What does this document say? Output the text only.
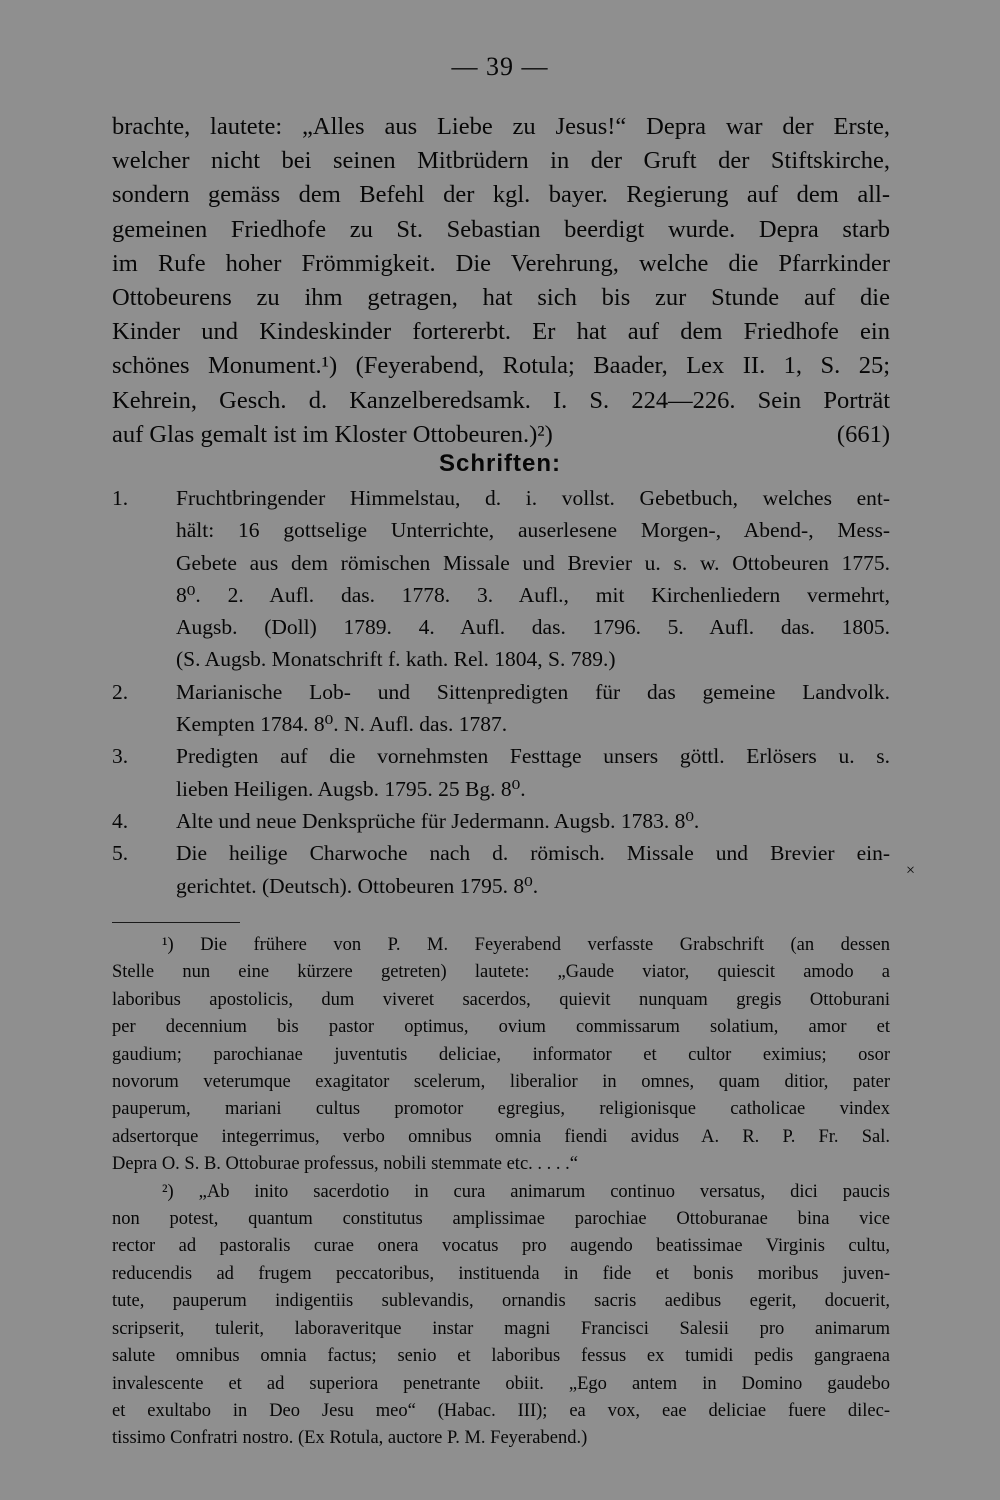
— 39 —
brachte, lautete: „Alles aus Liebe zu Jesus!“ Depra war der Erste,
welcher nicht bei seinen Mitbrüdern in der Gruft der Stiftskirche,
sondern gemäss dem Befehl der kgl. bayer. Regierung auf dem all-
gemeinen Friedhofe zu St. Sebastian beerdigt wurde. Depra starb
im Rufe hoher Frömmigkeit. Die Verehrung, welche die Pfarrkinder
Ottobeurens zu ihm getragen, hat sich bis zur Stunde auf die
Kinder und Kindeskinder fortererbt. Er hat auf dem Friedhofe ein
schönes Monument.¹) (Feyerabend, Rotula; Baader, Lex II. 1, S. 25;
Kehrein, Gesch. d. Kanzelberedsamk. I. S. 224—226. Sein Porträt
auf Glas gemalt ist im Kloster Ottobeuren.)²)	(661)
Schriften:
1.	Fruchtbringender Himmelstau, d. i. vollst. Gebetbuch, welches ent-
hält: 16 gottselige Unterrichte, auserlesene Morgen-, Abend-, Mess-
Gebete aus dem römischen Missale und Brevier u. s. w. Ottobeuren 1775.
8⁰. 2. Aufl. das. 1778. 3. Aufl., mit Kirchenliedern vermehrt,
Augsb. (Doll) 1789. 4. Aufl. das. 1796. 5. Aufl. das. 1805.
(S. Augsb. Monatschrift f. kath. Rel. 1804, S. 789.)
2.	Marianische Lob- und Sittenpredigten für das gemeine Landvolk.
Kempten 1784. 8⁰. N. Aufl. das. 1787.
3.	Predigten auf die vornehmsten Festtage unsers göttl. Erlösers u. s.
lieben Heiligen. Augsb. 1795. 25 Bg. 8⁰.
4.	Alte und neue Denksprüche für Jedermann. Augsb. 1783. 8⁰.
5.	Die heilige Charwoche nach d. römisch. Missale und Brevier ein-
gerichtet. (Deutsch). Ottobeuren 1795. 8⁰.
×
¹) Die frühere von P. M. Feyerabend verfasste Grabschrift (an dessen
Stelle nun eine kürzere getreten) lautete: „Gaude viator, quiescit amodo a
laboribus apostolicis, dum viveret sacerdos, quievit nunquam gregis Ottoburani
per decennium bis pastor optimus, ovium commissarum solatium, amor et
gaudium; parochianae juventutis deliciae, informator et cultor eximius; osor
novorum veterumque exagitator scelerum, liberalior in omnes, quam ditior, pater
pauperum, mariani cultus promotor egregius, religionisque catholicae vindex
adsertorque integerrimus, verbo omnibus omnia fiendi avidus A. R. P. Fr. Sal.
Depra O. S. B. Ottoburae professus, nobili stemmate etc. . . . .“
²) „Ab inito sacerdotio in cura animarum continuo versatus, dici paucis
non potest, quantum constitutus amplissimae parochiae Ottoburanae bina vice
rector ad pastoralis curae onera vocatus pro augendo beatissimae Virginis cultu,
reducendis ad frugem peccatoribus, instituenda in fide et bonis moribus juven-
tute, pauperum indigentiis sublevandis, ornandis sacris aedibus egerit, docuerit,
scripserit, tulerit, laboraveritque instar magni Francisci Salesii pro animarum
salute omnibus omnia factus; senio et laboribus fessus ex tumidi pedis gangraena
invalescente et ad superiora penetrante obiit. „Ego antem in Domino gaudebo
et exultabo in Deo Jesu meo“ (Habac. III); ea vox, eae deliciae fuere dilec-
tissimo Confratri nostro. (Ex Rotula, auctore P. M. Feyerabend.)
